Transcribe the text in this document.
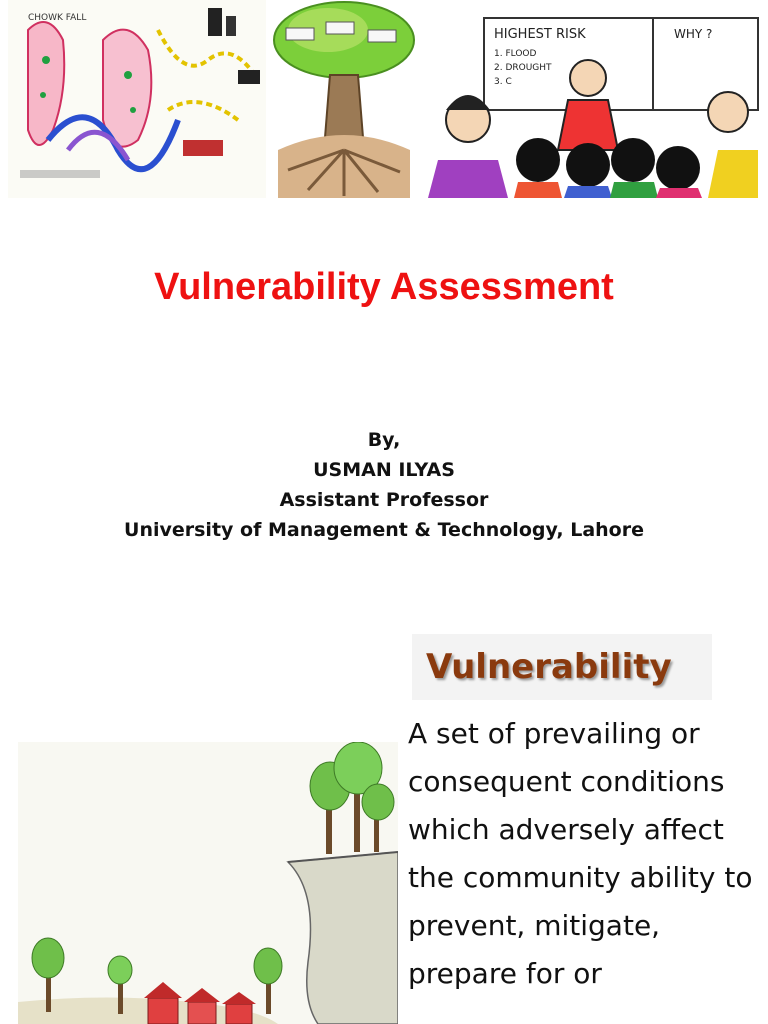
CHOWK FALL
HIGHEST RISK	WHY ?
1. FLOOD
2. DROUGHT
3. C
Vulnerability Assessment
By,
USMAN ILYAS
Assistant Professor
University of Management & Technology, Lahore
Vulnerability
A set of prevailing or consequent conditions which adversely affect the community ability to prevent, mitigate, prepare for or
